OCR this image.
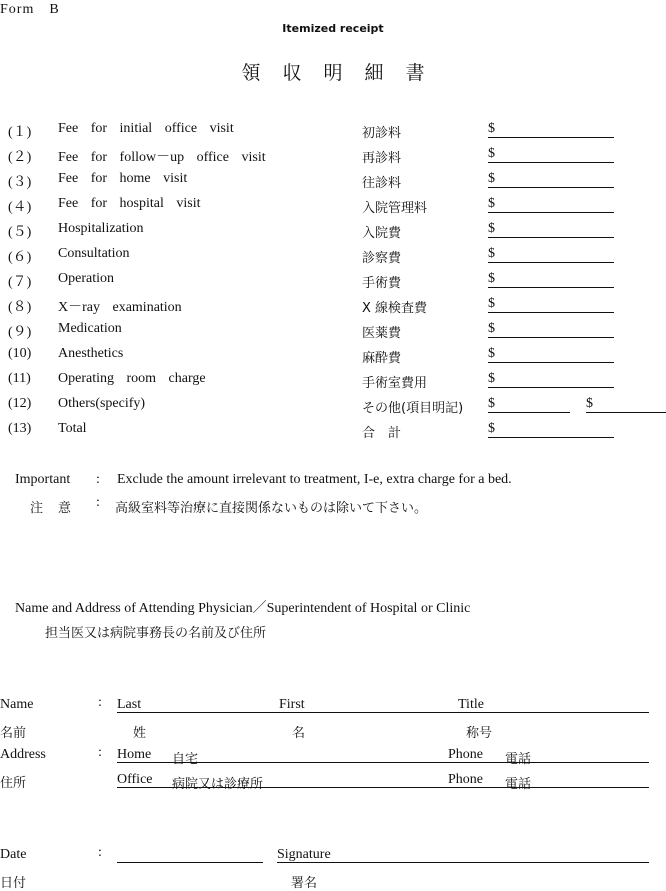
Form　B
Itemized receipt
領収明細書
(１)	Fee for initial office visit	初診料	$
(２)	Fee for follow－up office visit	再診料	$
(３)	Fee for home visit	往診料	$
(４)	Fee for hospital visit	入院管理料	$
(５)	Hospitalization	入院費	$
(６)	Consultation	診察費	$
(７)	Operation	手術費	$
(８)	X－ray examination	X 線検査費	$
(９)	Medication	医薬費	$
(10)	Anesthetics	麻酔費	$
(11)	Operating room charge	手術室費用	$
(12)	Others(specify)	その他(項目明記) $	$
(13)	Total	合　計	$
Important : Exclude the amount irrelevant to treatment, I-e, extra charge for a bed.
注　意 : 高級室料等治療に直接関係ないものは除いて下さい。
Name and Address of Attending Physician／Superintendent of Hospital or Clinic
担当医又は病院事務長の名前及び住所
Name	: Last	First	Title
名前	姓	名	称号
Address	: Home 自宅	Phone 電話
住所	Office 病院又は診療所	Phone 電話
Date	:	Signature
日付	署名
